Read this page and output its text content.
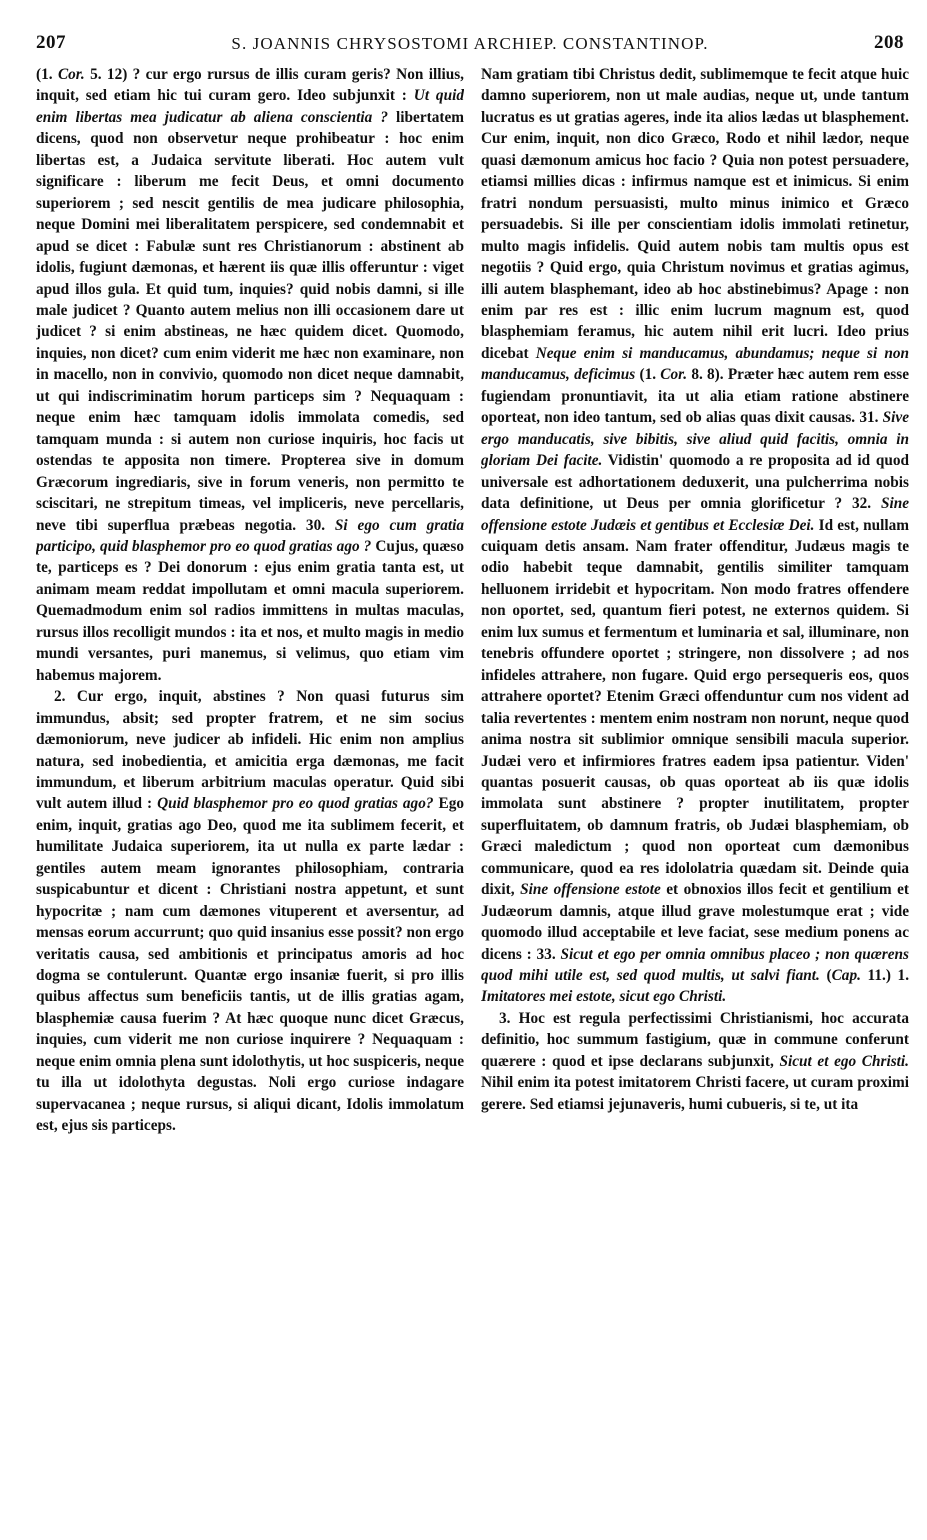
207	S. JOANNIS CHRYSOSTOMI ARCHIEP. CONSTANTINOP.	208

(1. Cor. 5. 12) ? cur ergo rursus de illis curam geris? Non illius, inquit, sed etiam hic tui curam gero. Ideo subjunxit : Ut quid enim libertas mea judicatur ab aliena conscientia ? libertatem dicens, quod non observetur neque prohibeatur : hoc enim libertas est, a Judaica servitute liberati. Hoc autem vult significare : liberum me fecit Deus, et omni documento superiorem ; sed nescit gentilis de mea judicare philosophia, neque Domini mei liberalitatem perspicere, sed condemnabit et apud se dicet : Fabulæ sunt res Christianorum : abstinent ab idolis, fugiunt dæmonas, et hærent iis quæ illis offeruntur : viget apud illos gula. Et quid tum, inquies? quid nobis damni, si ille male judicet ? Quanto autem melius non illi occasionem dare ut judicet ? si enim abstineas, ne hæc quidem dicet. Quomodo, inquies, non dicet? cum enim viderit me hæc non examinare, non in macello, non in convivio, quomodo non dicet neque damnabit, ut qui indiscriminatim horum particeps sim ? Nequaquam : neque enim hæc tamquam idolis immolata comedis, sed tamquam munda : si autem non curiose inquiris, hoc facis ut ostendas te apposita non timere. Propterea sive in domum Græcorum ingrediaris, sive in forum veneris, non permitto te sciscitari, ne strepitum timeas, vel impliceris, neve percellaris, neve tibi superflua præbeas negotia. 30. Si ego cum gratia participo, quid blasphemor pro eo quod gratias ago ? Cujus, quæso te, particeps es ? Dei donorum : ejus enim gratia tanta est, ut animam meam reddat impollutam et omni macula superiorem. Quemadmodum enim sol radios immittens in multas maculas, rursus illos recolligit mundos : ita et nos, et multo magis in medio mundi versantes, puri manemus, si velimus, quo etiam vim habemus majorem.

2. Cur ergo, inquit, abstines ? Non quasi futurus sim immundus, absit; sed propter fratrem, et ne sim socius dæmoniorum, neve judicer ab infideli. Hic enim non amplius natura, sed inobedientia, et amicitia erga dæmonas, me facit immundum, et liberum arbitrium maculas operatur. Quid sibi vult autem illud : Quid blasphemor pro eo quod gratias ago? Ego enim, inquit, gratias ago Deo, quod me ita sublimem fecerit, et humilitate Judaica superiorem, ita ut nulla ex parte lædar : gentiles autem meam ignorantes philosophiam, contraria suspicabuntur et dicent : Christiani nostra appetunt, et sunt hypocritæ ; nam cum dæmones vituperent et aversentur, ad mensas eorum accurrunt; quo quid insanius esse possit? non ergo veritatis causa, sed ambitionis et principatus amoris ad hoc dogma se contulerunt. Quantæ ergo insaniæ fuerit, si pro illis quibus affectus sum beneficiis tantis, ut de illis gratias agam, blasphemiæ causa fuerim ? At hæc quoque nunc dicet Græcus, inquies, cum viderit me non curiose inquirere ? Nequaquam : neque enim omnia plena sunt idolothytis, ut hoc suspiceris, neque tu illa ut idolothyta degustas. Noli ergo curiose indagare supervacanea ; neque rursus, si aliqui dicant, Idolis immolatum est, ejus sis particeps.

Nam gratiam tibi Christus dedit, sublimemque te fecit atque huic damno superiorem, non ut male audias, neque ut, unde tantum lucratus es ut gratias ageres, inde ita alios lædas ut blasphement. Cur enim, inquit, non dico Græco, Rodo et nihil lædor, neque quasi dæmonum amicus hoc facio ? Quia non potest persuadere, etiamsi millies dicas : infirmus namque est et inimicus. Si enim fratri nondum persuasisti, multo minus inimico et Græco persuadebis. Si ille per conscientiam idolis immolati retinetur, multo magis infidelis. Quid autem nobis tam multis opus est negotiis ? Quid ergo, quia Christum novimus et gratias agimus, illi autem blasphemant, ideo ab hoc abstinebimus? Apage : non enim par res est : illic enim lucrum magnum est, quod blasphemiam feramus, hic autem nihil erit lucri. Ideo prius dicebat Neque enim si manducamus, abundamus; neque si non manducamus, deficimus (1. Cor. 8. 8). Præter hæc autem rem esse fugiendam pronuntiavit, ita ut alia etiam ratione abstinere oporteat, non ideo tantum, sed ob alias quas dixit causas. 31. Sive ergo manducatis, sive bibitis, sive aliud quid facitis, omnia in gloriam Dei facite. Vidistin' quomodo a re proposita ad id quod universale est adhortationem deduxerit, una pulcherrima nobis data definitione, ut Deus per omnia glorificetur ? 32. Sine offensione estote Judæis et gentibus et Ecclesiæ Dei. Id est, nullam cuiquam detis ansam. Nam frater offenditur, Judæus magis te odio habebit teque damnabit, gentilis similiter tamquam helluonem irridebit et hypocritam. Non modo fratres offendere non oportet, sed, quantum fieri potest, ne externos quidem. Si enim lux sumus et fermentum et luminaria et sal, illuminare, non tenebris offundere oportet ; stringere, non dissolvere ; ad nos infideles attrahere, non fugare. Quid ergo persequeris eos, quos attrahere oportet? Etenim Græci offenduntur cum nos vident ad talia revertentes : mentem enim nostram non norunt, neque quod anima nostra sit sublimior omnique sensibili macula superior. Judæi vero et infirmiores fratres eadem ipsa patientur. Viden' quantas posuerit causas, ob quas oporteat ab iis quæ idolis immolata sunt abstinere ? propter inutilitatem, propter superfluitatem, ob damnum fratris, ob Judæi blasphemiam, ob Græci maledictum ; quod non oporteat cum dæmonibus communicare, quod ea res idololatria quædam sit. Deinde quia dixit, Sine offensione estote et obnoxios illos fecit et gentilium et Judæorum damnis, atque illud grave molestumque erat ; vide quomodo illud acceptabile et leve faciat, sese medium ponens ac dicens : 33. Sicut et ego per omnia omnibus placeo ; non quærens quod mihi utile est, sed quod multis, ut salvi fiant. (Cap. 11.) 1. Imitatores mei estote, sicut ego Christi.

3. Hoc est regula perfectissimi Christianismi, hoc accurata definitio, hoc summum fastigium, quæ in commune conferunt quærere : quod et ipse declarans subjunxit, Sicut et ego Christi. Nihil enim ita potest imitatorem Christi facere, ut curam proximi gerere. Sed etiamsi jejunaveris, humi cubueris, si te, ut ita
